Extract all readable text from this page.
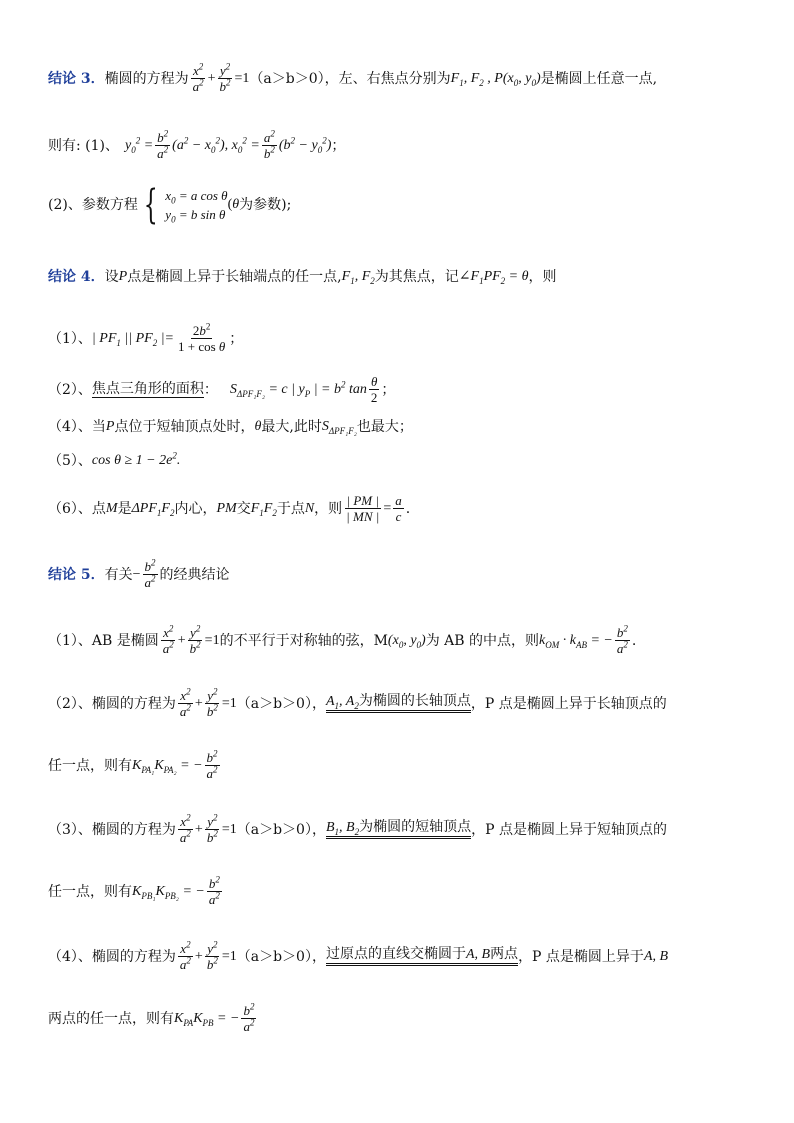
结论 3． 椭圆的方程为 $\frac{x^2}{a^2} + \frac{y^2}{b^2} =1$ （a＞b＞0），左、右焦点分别为 $F_1$, $F_2$ , $P(x_0$, $y_0$) 是椭圆上任意一点,
则有: (1)、 $y_0^2 = \frac{b^2}{a^2} (a^2 - x_0^2)$, $x_0^2 = \frac{a^2}{b^2} (b^2 - y_0^2)$ ；
(2)、参数方程 { $x_0 = a$ cos θ
$y_0 = b$ sin θ
( θ 为参数);
结论 4． 设 P 点是椭圆上异于长轴端点的任一点, $F_1$, $F_2$ 为其焦点，记 $\angle F_1PF_2 = \theta$ ，则
（1）、 | $PF_1$ || $PF_2$ |= $\frac{2b^2}{\text{1 + cos θ}}$ ；
（2）、 焦点三角形的面积 ： $S_{\Delta PF_1F_2} = c$ | $y_P$ | = $b^2$ $\tan \frac{\theta}{2}$ ；
（4）、当 P 点位于短轴顶点处时， θ 最大,此时 $S_{\Delta PF_1F_2}$ 也最大；
（5）、 $\cos \theta \ge 1 - 2e^2$.
（6）、点 M 是 $\Delta PF_1F_2$ 内心， PM 交 $F_1F_2$ 于点 N ，则 $\frac{| PM |}{| MN |} = \frac{a}{c}$ .
结论 5． 有关 − $\frac{b^2}{a^2}$ 的经典结论
（1）、AB 是椭圆 $\frac{x^2}{a^2} + \frac{y^2}{b^2} =1$ 的不平行于对称轴的弦，M ($x_0$, $y_0$) 为 AB 的中点，则 $k_{OM} \cdot k_{AB}$ = − $\frac{b^2}{a^2}$ .
（2）、椭圆的方程为 $\frac{x^2}{a^2} + \frac{y^2}{b^2} =1$ （a＞b＞0）， $A_1$, $A_2$为椭圆的长轴顶点 ，P 点是椭圆上异于长轴顶点的
任一点，则有 $K_{PA_1}K_{PA_2}$ = − $\frac{b^2}{a^2}$
（3）、椭圆的方程为 $\frac{x^2}{a^2} + \frac{y^2}{b^2} =1$ （a＞b＞0）， $B_1$, $B_2$为椭圆的短轴顶点 ，P 点是椭圆上异于短轴顶点的
任一点，则有 $K_{PB_1}K_{PB_2}$ = − $\frac{b^2}{a^2}$
（4）、椭圆的方程为 $\frac{x^2}{a^2} + \frac{y^2}{b^2} =1$ （a＞b＞0）， 过原点的直线交椭圆于A, B两点 ，P 点是椭圆上异于 A, B
两点的任一点，则有 $K_{PA}K_{PB}$ = − $\frac{b^2}{a^2}$
